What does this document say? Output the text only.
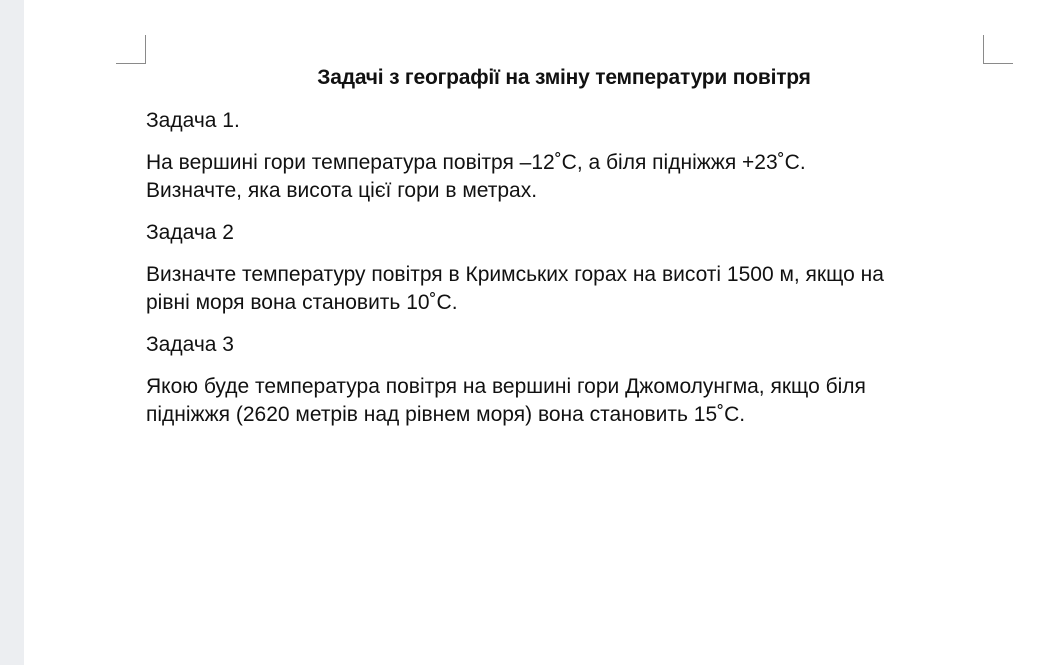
Задачі з географії на зміну температури повітря

Задача 1.

На вершині гори температура повітря –12˚С, а біля підніжжя +23˚С.
Визначте, яка висота цієї гори в метрах.

Задача 2

Визначте температуру повітря в Кримських горах на висоті 1500 м, якщо на
рівні моря вона становить 10˚С.

Задача 3

Якою буде температура повітря на вершині гори Джомолунгма, якщо біля
підніжжя (2620 метрів над рівнем моря) вона становить 15˚С.
